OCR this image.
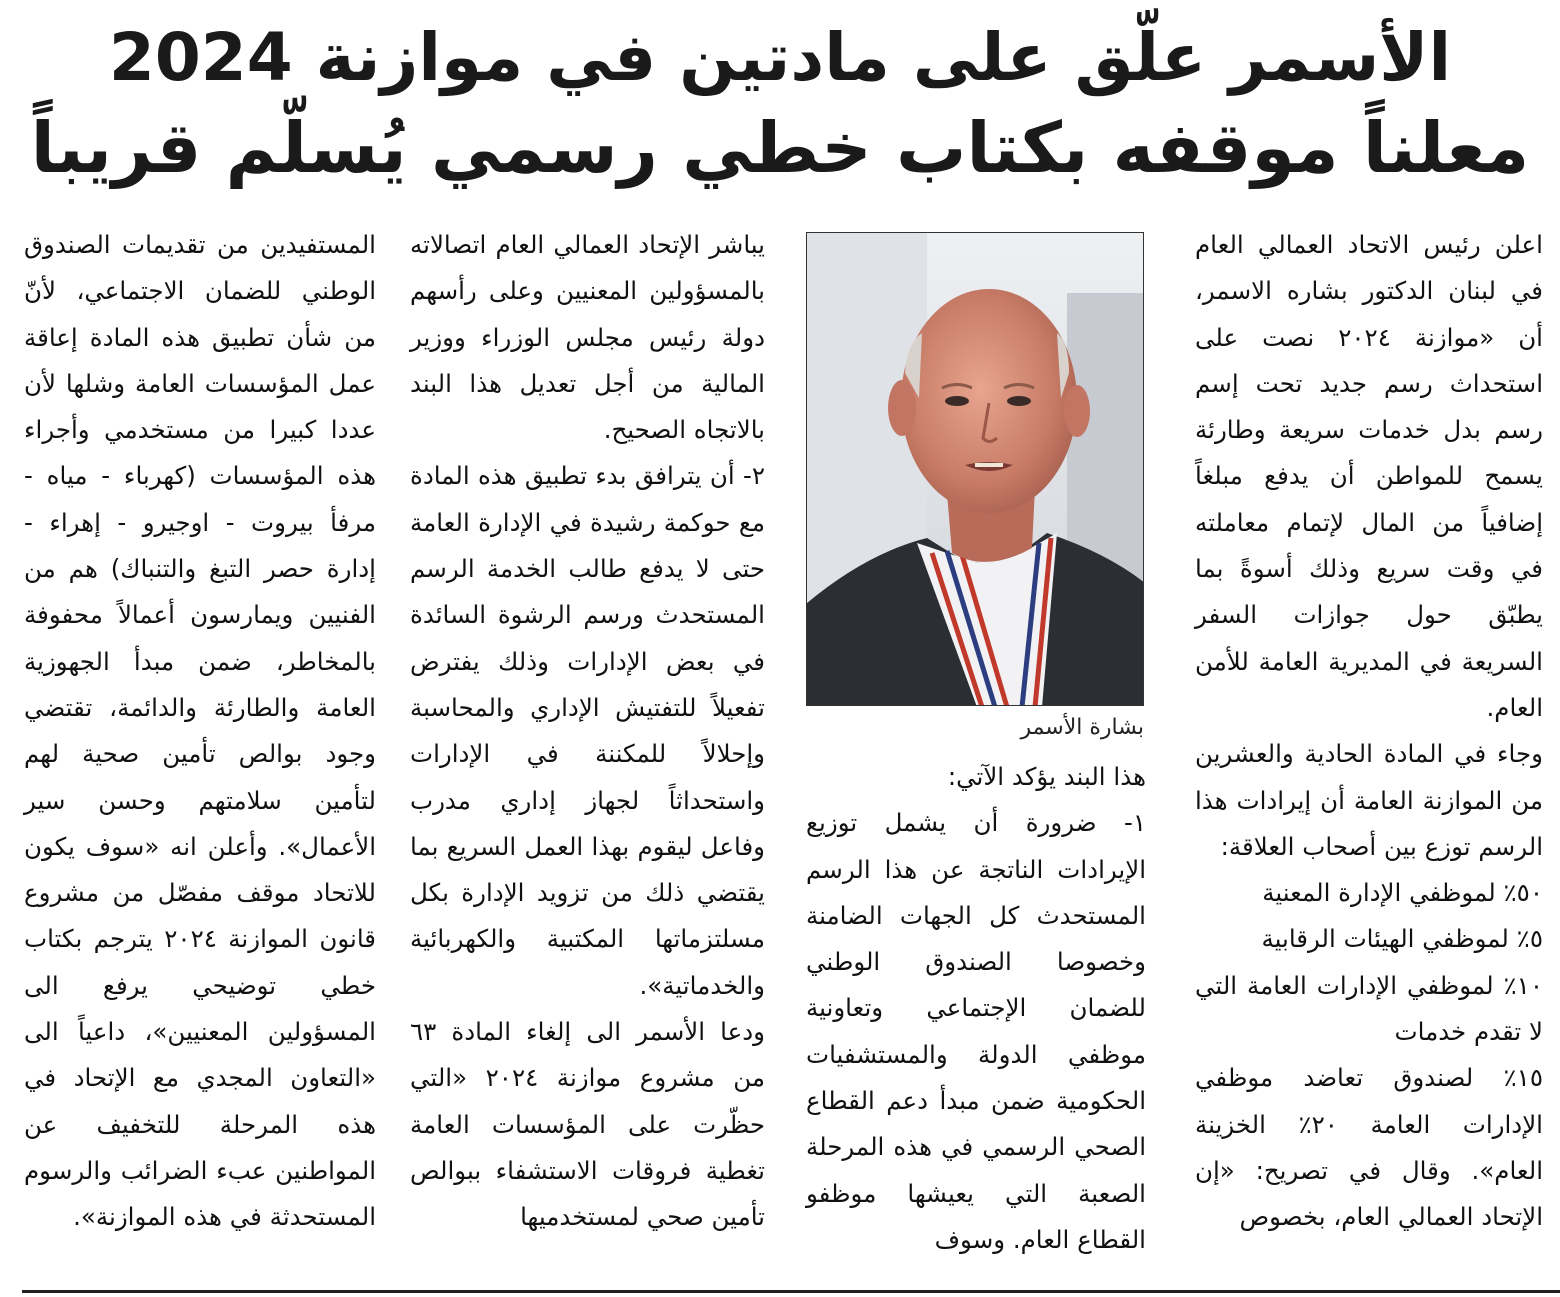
الأسمر علّق على مادتين في موازنة 2024
معلناً موقفه بكتاب خطي رسمي يُسلّم قريباً

اعلن رئيس الاتحاد العمالي العام في لبنان الدكتور بشاره الاسمر، أن «موازنة ٢٠٢٤ نصت على استحداث رسم جديد تحت إسم رسم بدل خدمات سريعة وطارئة يسمح للمواطن أن يدفع مبلغاً إضافياً من المال لإتمام معاملته في وقت سريع وذلك أسوةً بما يطبّق حول جوازات السفر السريعة في المديرية العامة للأمن العام.

وجاء في المادة الحادية والعشرين من الموازنة العامة أن إيرادات هذا الرسم توزع بين أصحاب العلاقة:

٥٠٪ لموظفي الإدارة المعنية

٥٪ لموظفي الهيئات الرقابية

١٠٪ لموظفي الإدارات العامة التي لا تقدم خدمات

١٥٪ لصندوق تعاضد موظفي الإدارات العامة ٢٠٪ الخزينة العام». وقال في تصريح: «إن الإتحاد العمالي العام، بخصوص

بشارة الأسمر

هذا البند يؤكد الآتي:

١- ضرورة أن يشمل توزيع الإيرادات الناتجة عن هذا الرسم المستحدث كل الجهات الضامنة وخصوصا الصندوق الوطني للضمان الإجتماعي وتعاونية موظفي الدولة والمستشفيات الحكومية ضمن مبدأ دعم القطاع الصحي الرسمي في هذه المرحلة الصعبة التي يعيشها موظفو القطاع العام. وسوف

يباشر الإتحاد العمالي العام اتصالاته بالمسؤولين المعنيين وعلى رأسهم دولة رئيس مجلس الوزراء ووزير المالية من أجل تعديل هذا البند بالاتجاه الصحيح.

٢- أن يترافق بدء تطبيق هذه المادة مع حوكمة رشيدة في الإدارة العامة حتى لا يدفع طالب الخدمة الرسم المستحدث ورسم الرشوة السائدة في بعض الإدارات وذلك يفترض تفعيلاً للتفتيش الإداري والمحاسبة وإحلالاً للمكننة في الإدارات واستحداثاً لجهاز إداري مدرب وفاعل ليقوم بهذا العمل السريع بما يقتضي ذلك من تزويد الإدارة بكل مسلتزماتها المكتبية والكهربائية والخدماتية».

ودعا الأسمر الى إلغاء المادة ٦٣ من مشروع موازنة ٢٠٢٤ «التي حظّرت على المؤسسات العامة تغطية فروقات الاستشفاء ببوالص تأمين صحي لمستخدميها

المستفيدين من تقديمات الصندوق الوطني للضمان الاجتماعي، لأنّ من شأن تطبيق هذه المادة إعاقة عمل المؤسسات العامة وشلها لأن عددا كبيرا من مستخدمي وأجراء هذه المؤسسات (كهرباء - مياه - مرفأ بيروت - اوجيرو - إهراء - إدارة حصر التبغ والتنباك) هم من الفنيين ويمارسون أعمالاً محفوفة بالمخاطر، ضمن مبدأ الجهوزية العامة والطارئة والدائمة، تقتضي وجود بوالص تأمين صحية لهم لتأمين سلامتهم وحسن سير الأعمال». وأعلن انه «سوف يكون للاتحاد موقف مفصّل من مشروع قانون الموازنة ٢٠٢٤ يترجم بكتاب خطي توضيحي يرفع الى المسؤولين المعنيين»، داعياً الى «التعاون المجدي مع الإتحاد في هذه المرحلة للتخفيف عن المواطنين عبء الضرائب والرسوم المستحدثة في هذه الموازنة».
